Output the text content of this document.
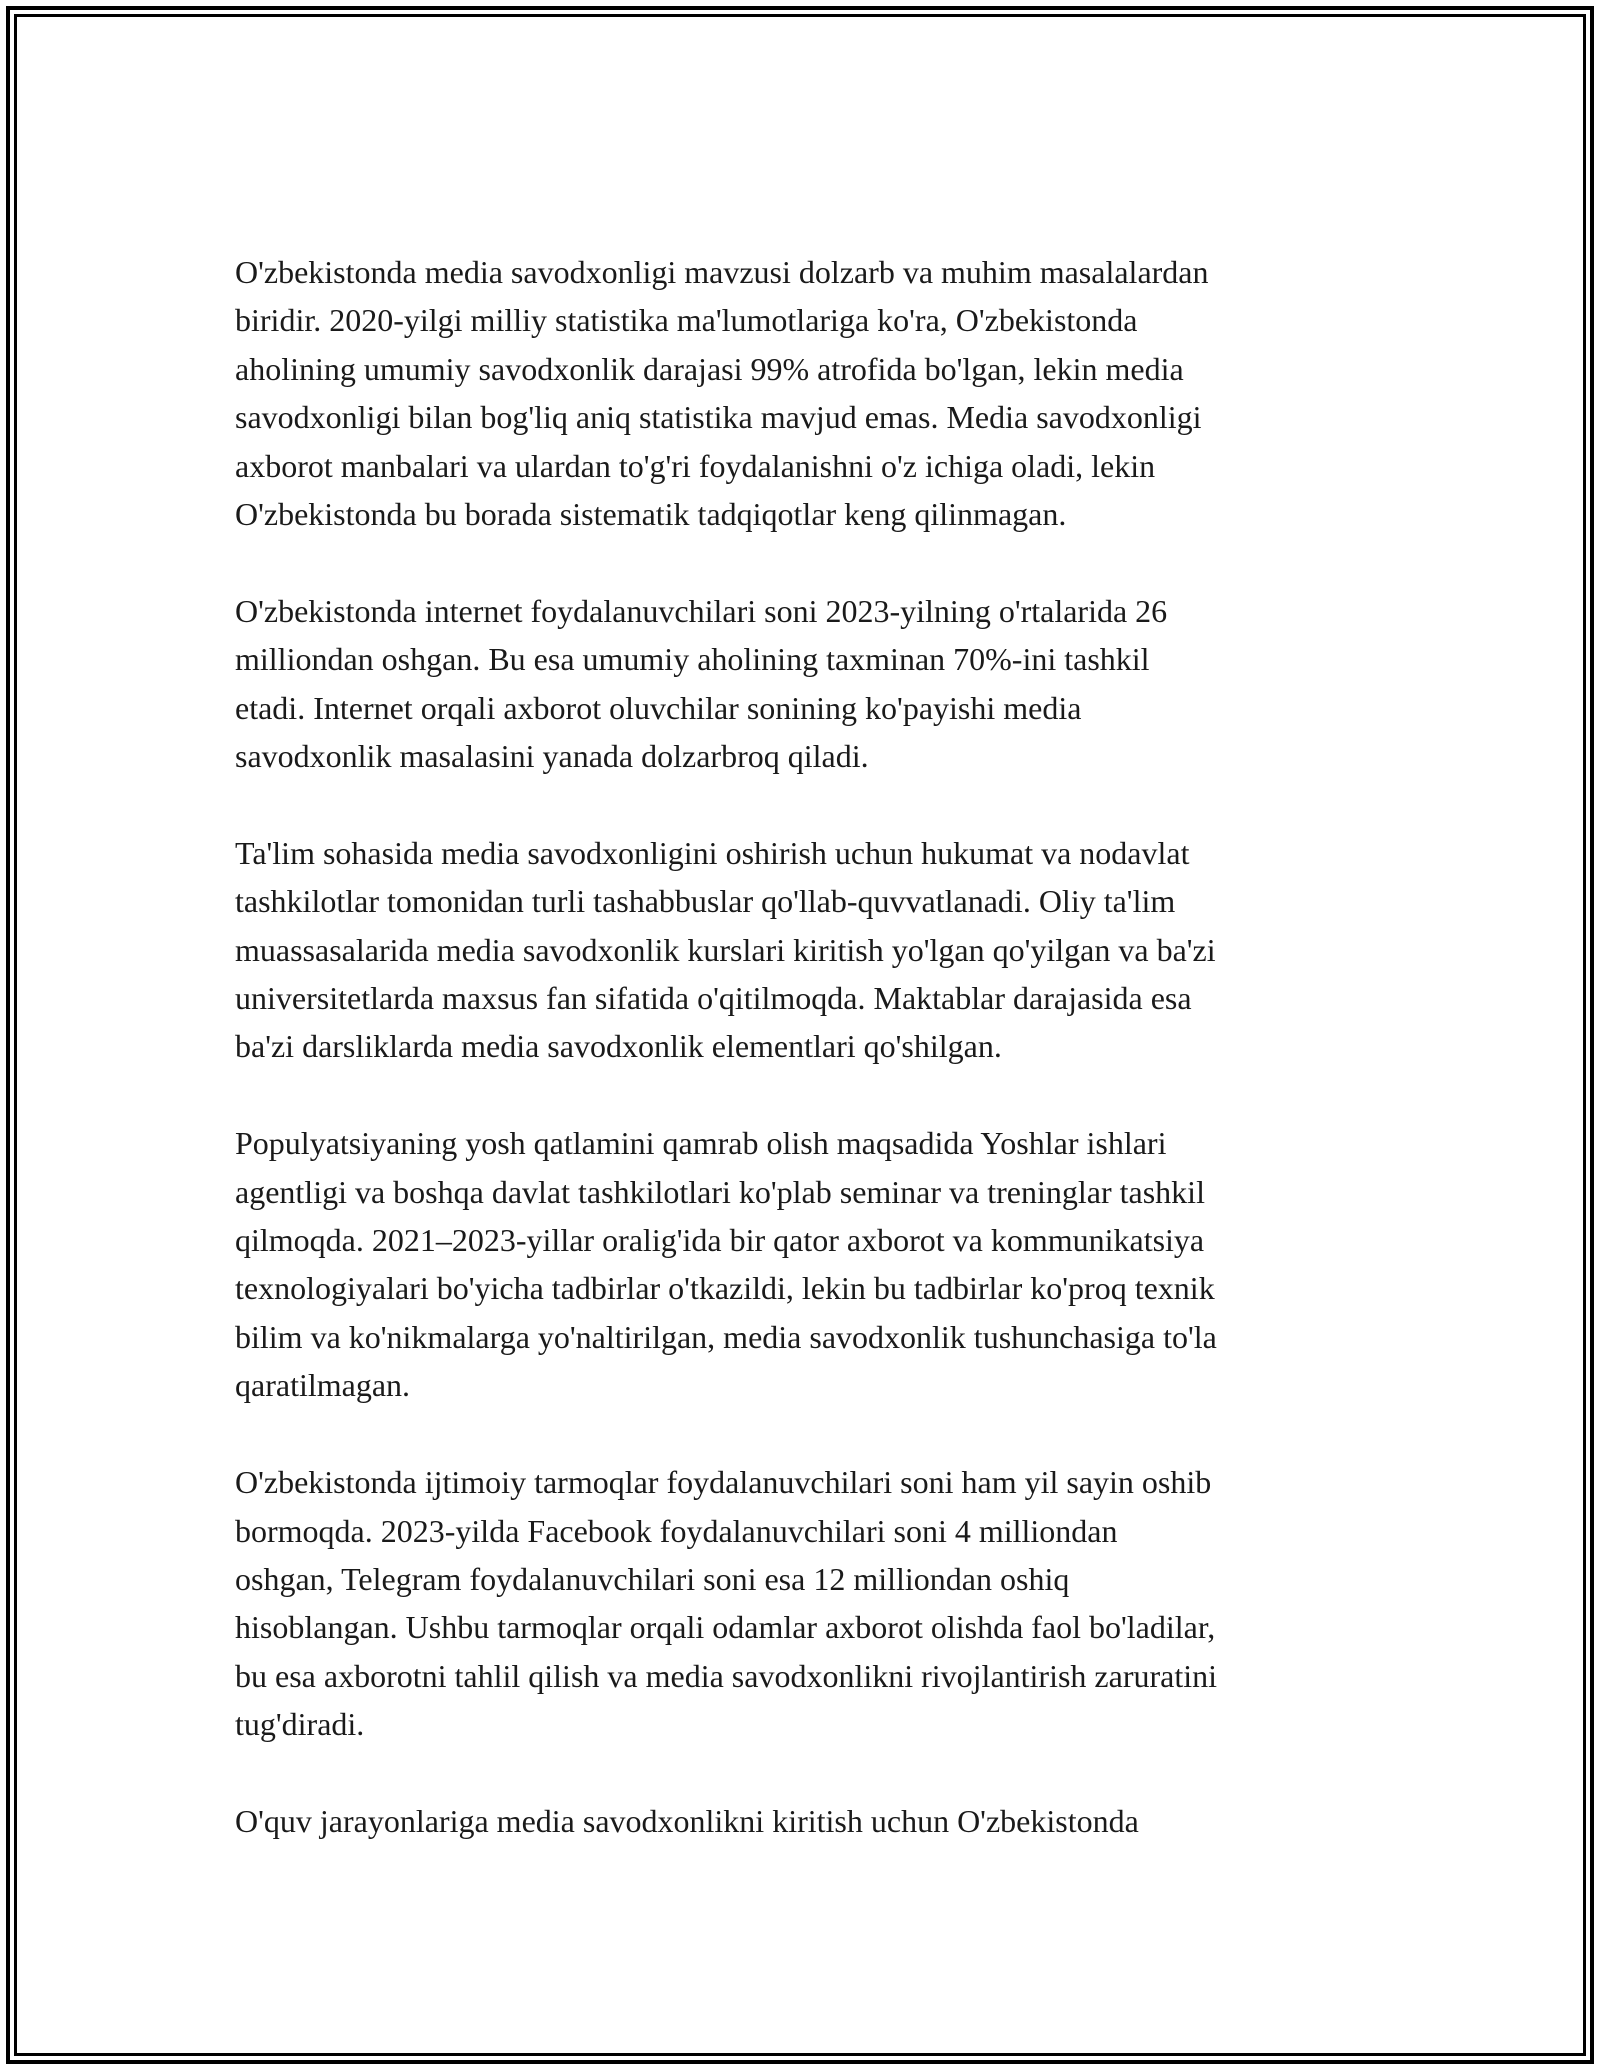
O'zbekistonda media savodxonligi mavzusi dolzarb va muhim masalalardan
biridir. 2020-yilgi milliy statistika ma'lumotlariga ko'ra, O'zbekistonda
aholining umumiy savodxonlik darajasi 99% atrofida bo'lgan, lekin media
savodxonligi bilan bog'liq aniq statistika mavjud emas. Media savodxonligi
axborot manbalari va ulardan to'g'ri foydalanishni o'z ichiga oladi, lekin
O'zbekistonda bu borada sistematik tadqiqotlar keng qilinmagan.

O'zbekistonda internet foydalanuvchilari soni 2023-yilning o'rtalarida 26
milliondan oshgan. Bu esa umumiy aholining taxminan 70%-ini tashkil
etadi. Internet orqali axborot oluvchilar sonining ko'payishi media
savodxonlik masalasini yanada dolzarbroq qiladi.

Ta'lim sohasida media savodxonligini oshirish uchun hukumat va nodavlat
tashkilotlar tomonidan turli tashabbuslar qo'llab-quvvatlanadi. Oliy ta'lim
muassasalarida media savodxonlik kurslari kiritish yo'lgan qo'yilgan va ba'zi
universitetlarda maxsus fan sifatida o'qitilmoqda. Maktablar darajasida esa
ba'zi darsliklarda media savodxonlik elementlari qo'shilgan.

Populyatsiyaning yosh qatlamini qamrab olish maqsadida Yoshlar ishlari
agentligi va boshqa davlat tashkilotlari ko'plab seminar va treninglar tashkil
qilmoqda. 2021–2023-yillar oralig'ida bir qator axborot va kommunikatsiya
texnologiyalari bo'yicha tadbirlar o'tkazildi, lekin bu tadbirlar ko'proq texnik
bilim va ko'nikmalarga yo'naltirilgan, media savodxonlik tushunchasiga to'la
qaratilmagan.

O'zbekistonda ijtimoiy tarmoqlar foydalanuvchilari soni ham yil sayin oshib
bormoqda. 2023-yilda Facebook foydalanuvchilari soni 4 milliondan
oshgan, Telegram foydalanuvchilari soni esa 12 milliondan oshiq
hisoblangan. Ushbu tarmoqlar orqali odamlar axborot olishda faol bo'ladilar,
bu esa axborotni tahlil qilish va media savodxonlikni rivojlantirish zaruratini
tug'diradi.

O'quv jarayonlariga media savodxonlikni kiritish uchun O'zbekistonda
